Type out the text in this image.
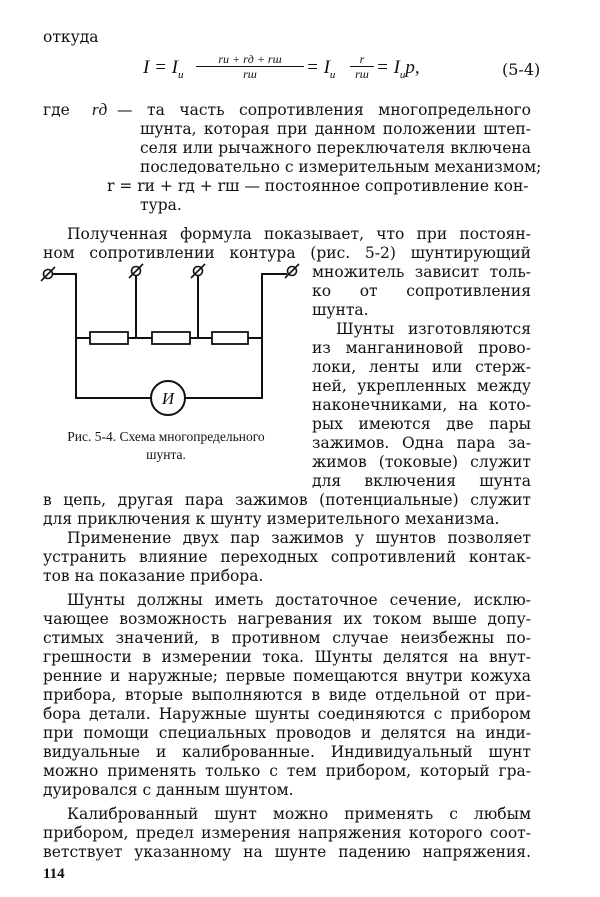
откуда
$I = I_и$
rи + rд + rш
rш	= $I_и$
r
rш = $I_иp$,	(5-4)
где rд — та часть сопротивления многопредельного
шунта, которая при данном положении штеп-
селя или рычажного переключателя включена
последовательно с измерительным механизмом;
r = rи + rд + rш — постоянное сопротивление кон-
тура.
Полученная формула показывает, что при постоян-
ном сопротивлении контура (рис. 5-2) шунтирующий
множитель зависит толь-
ко от сопротивления
шунта.
Шунты изготовляются
из манганиновой прово-
локи, ленты или стерж-
ней, укрепленных между
наконечниками, на кото-
рых имеются две пары
зажимов. Одна пара за-
жимов (токовые) служит
для включения шунта
в цепь, другая пара зажимов (потенциальные) служит
для приключения к шунту измерительного механизма.
И
Рис. 5-4. Схема многопредельного
шунта.
Применение двух пар зажимов у шунтов позволяет
устранить влияние переходных сопротивлений контак-
тов на показание прибора.
Шунты должны иметь достаточное сечение, исклю-
чающее возможность нагревания их током выше допу-
стимых значений, в противном случае неизбежны по-
грешности в измерении тока. Шунты делятся на внут-
ренние и наружные; первые помещаются внутри кожуха
прибора, вторые выполняются в виде отдельной от при-
бора детали. Наружные шунты соединяются с прибором
при помощи специальных проводов и делятся на инди-
видуальные и калиброванные. Индивидуальный шунт
можно применять только с тем прибором, который гра-
дуировался с данным шунтом.
Калиброванный шунт можно применять с любым
прибором, предел измерения напряжения которого соот-
ветствует указанному на шунте падению напряжения.
114
